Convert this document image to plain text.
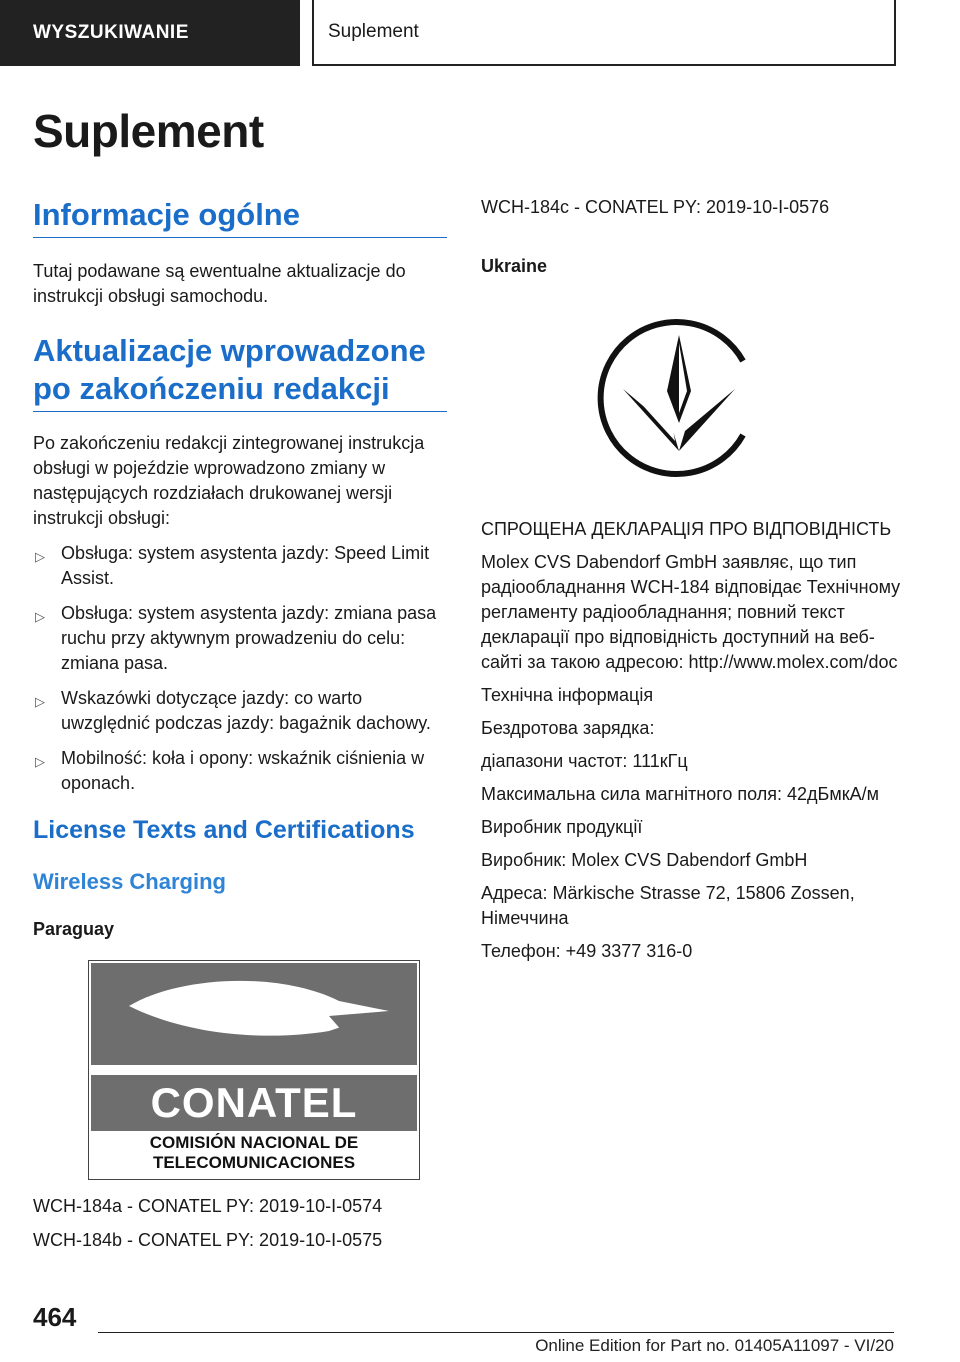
WYSZUKIWANIE	Suplement
Suplement
Informacje ogólne

Tutaj podawane są ewentualne aktualizacje do instrukcji obsługi samochodu.

Aktualizacje wprowadzone po zakończeniu redakcji

Po zakończeniu redakcji zintegrowanej instrukcja obsługi w pojeździe wprowadzono zmiany w następujących rozdziałach drukowanej wersji instrukcji obsługi:

▷ Obsługa: system asystenta jazdy: Speed Limit Assist.
▷ Obsługa: system asystenta jazdy: zmiana pasa ruchu przy aktywnym prowadzeniu do celu: zmiana pasa.
▷ Wskazówki dotyczące jazdy: co warto uwzględnić podczas jazdy: bagażnik dachowy.
▷ Mobilność: koła i opony: wskaźnik ciśnienia w oponach.
License Texts and Certifications
Wireless Charging

Paraguay

CONATEL
COMISIÓN NACIONAL DE
TELECOMUNICACIONES

WCH-184a - CONATEL PY: 2019-10-I-0574

WCH-184b - CONATEL PY: 2019-10-I-0575

WCH-184c - CONATEL PY: 2019-10-I-0576

Ukraine

СПРОЩЕНА ДЕКЛАРАЦІЯ ПРО ВІДПОВІДНІСТЬ

Molex CVS Dabendorf GmbH заявляє, що тип радіообладнання WCH-184 відповідає Технічному регламенту радіообладнання; повний текст декларації про відповідність доступний на веб-сайті за такою адресою: http://www.molex.com/doc

Технічна інформація

Бездротова зарядка:

діапазони частот: 111кГц

Максимальна сила магнітного поля: 42дБмкА/м

Виробник продукції

Виробник: Molex CVS Dabendorf GmbH

Адреса: Märkische Strasse 72, 15806 Zossen, Німеччина

Телефон: +49 3377 316-0

464
Online Edition for Part no. 01405A11097 - VI/20
